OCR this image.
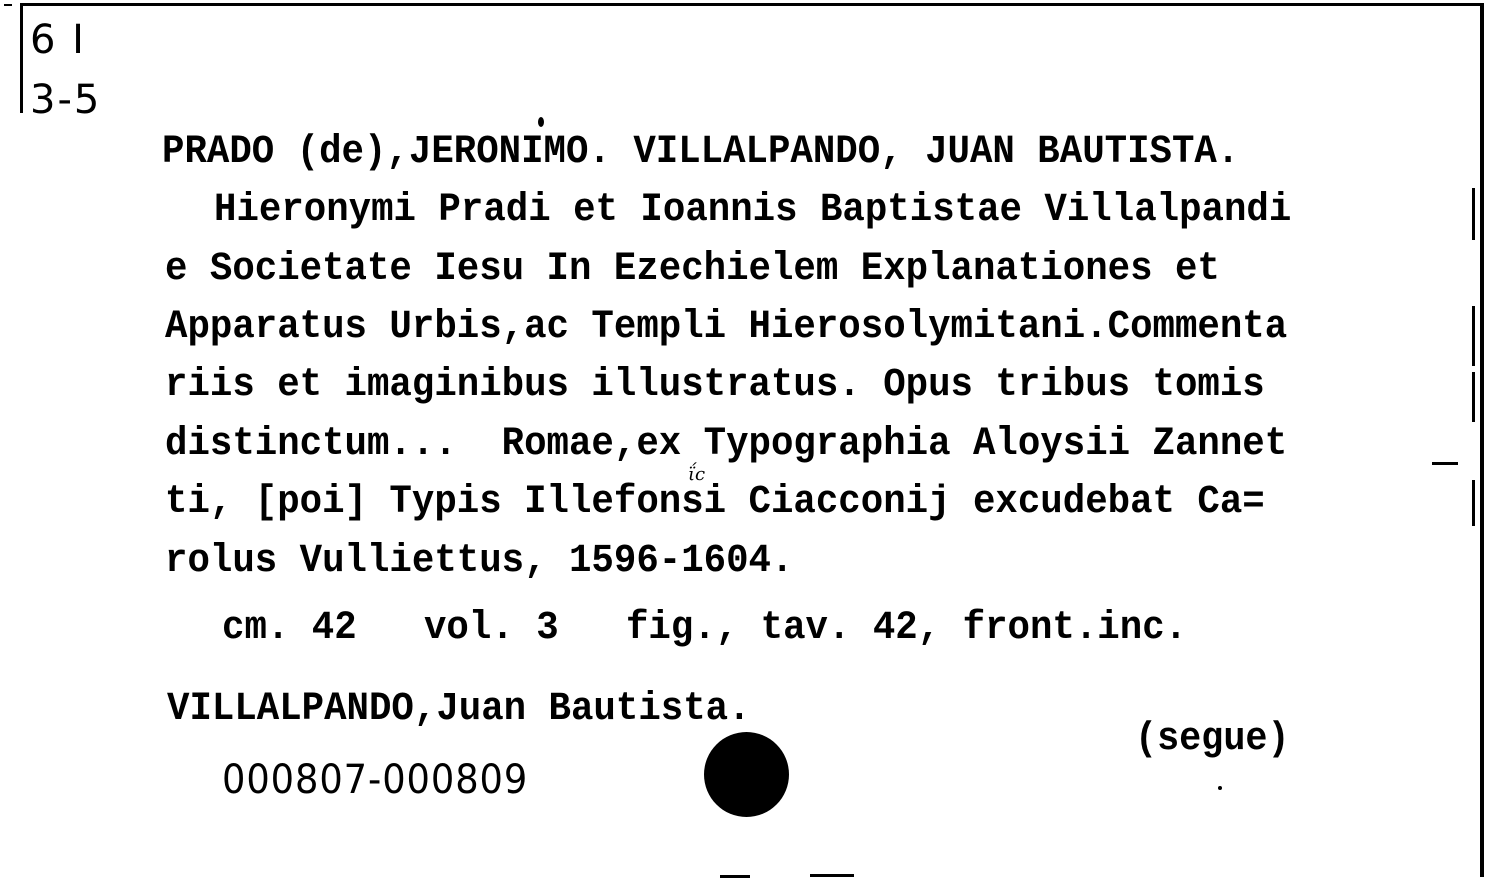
6 I
3-5
PRADO (de),JERONIMO. VILLALPANDO, JUAN BAUTISTA.
Hieronymi Pradi et Ioannis Baptistae Villalpandi
e Societate Iesu In Ezechielem Explanationes et
Apparatus Urbis,ac Templi Hierosolymitani.Commenta
riis et imaginibus illustratus. Opus tribus tomis
distinctum...  Romae,ex Typographia Aloysii Zannet
ti, [poi] Typis Illefonsi Ciacconij excudebat Ca=
rolus Vulliettus, 1596-1604.
ΐc
cm. 42   vol. 3   fig., tav. 42, front.inc.
VILLALPANDO,Juan Bautista.
(segue)
000807-000809
